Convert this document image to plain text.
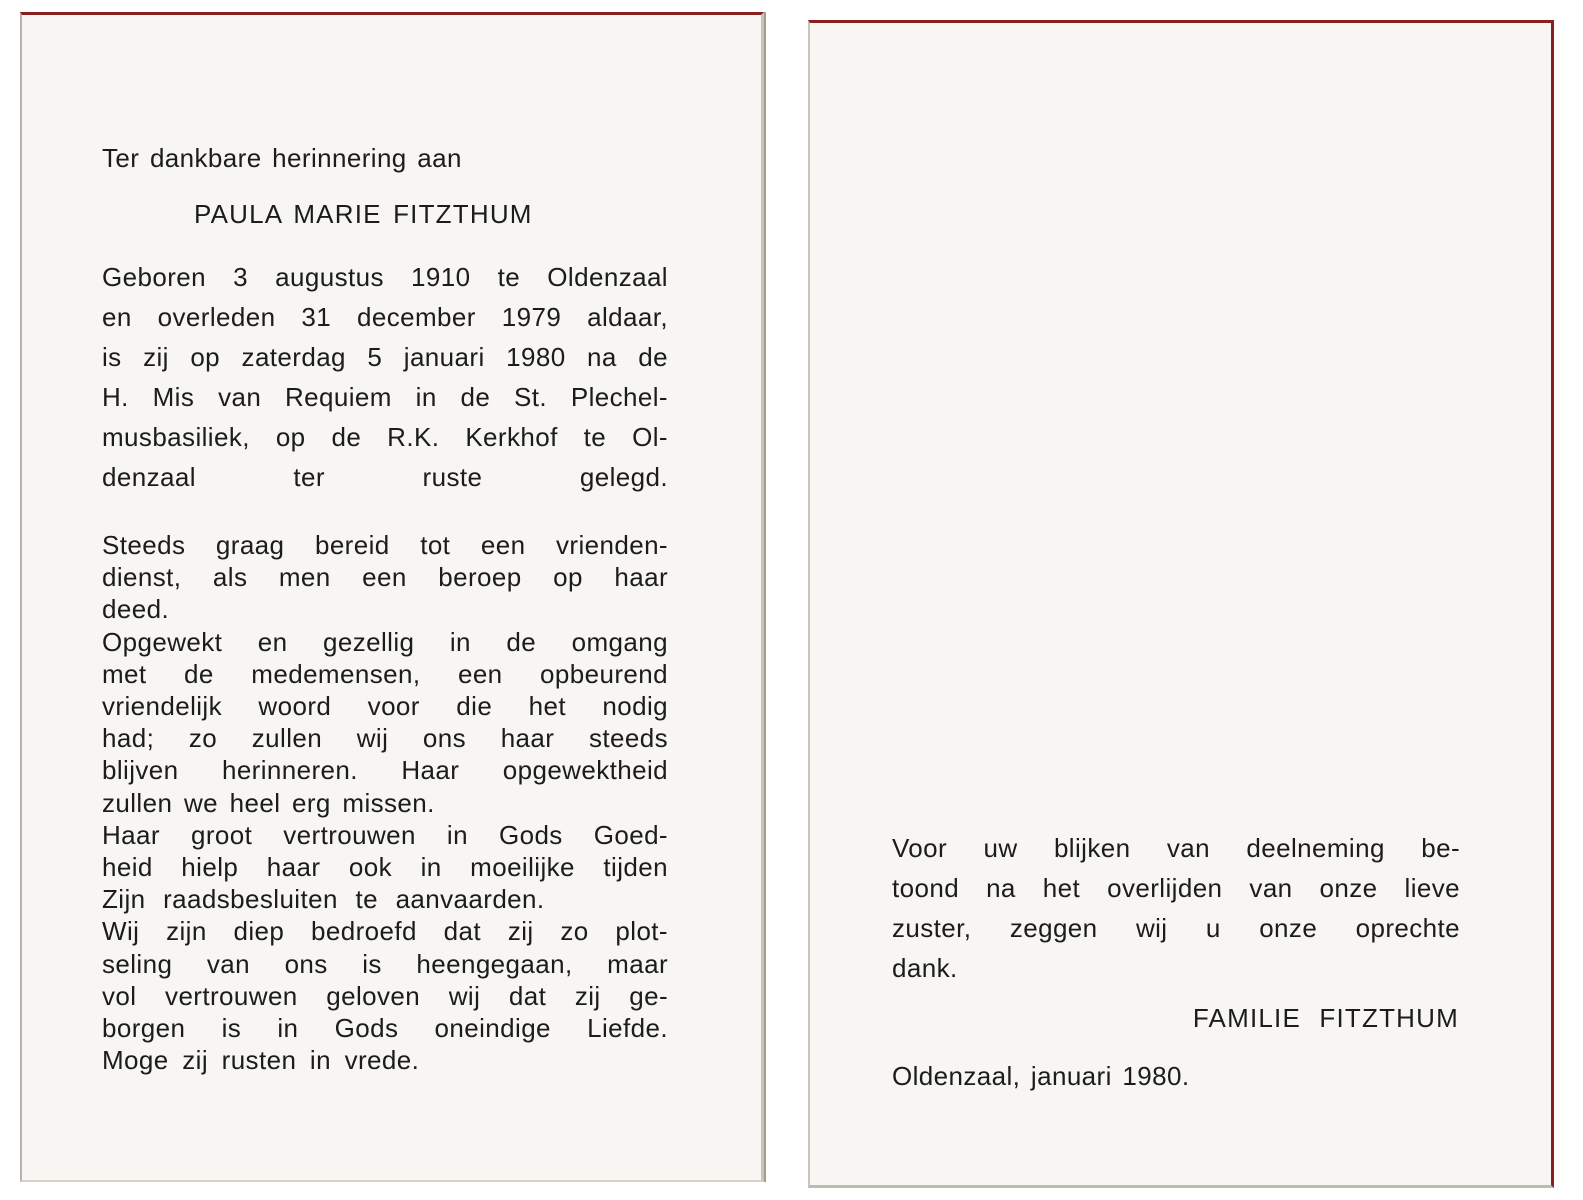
Ter dankbare herinnering aan

PAULA MARIE FITZTHUM

Geboren 3 augustus 1910 te Oldenzaal
en overleden 31 december 1979 aldaar,
is zij op zaterdag 5 januari 1980 na de
H. Mis van Requiem in de St. Plechel-
musbasiliek, op de R.K. Kerkhof te Ol-
denzaal ter ruste gelegd.
Steeds graag bereid tot een vrienden-
dienst, als men een beroep op haar
deed.
Opgewekt en gezellig in de omgang
met de medemensen, een opbeurend
vriendelijk woord voor die het nodig
had; zo zullen wij ons haar steeds
blijven herinneren. Haar opgewektheid
zullen we heel erg missen.
Haar groot vertrouwen in Gods Goed-
heid hielp haar ook in moeilijke tijden
Zijn raadsbesluiten te aanvaarden.
Wij zijn diep bedroefd dat zij zo plot-
seling van ons is heengegaan, maar
vol vertrouwen geloven wij dat zij ge-
borgen is in Gods oneindige Liefde.
Moge zij rusten in vrede.
Voor uw blijken van deelneming be-
toond na het overlijden van onze lieve
zuster, zeggen wij u onze oprechte
dank.

FAMILIE FITZTHUM

Oldenzaal, januari 1980.
